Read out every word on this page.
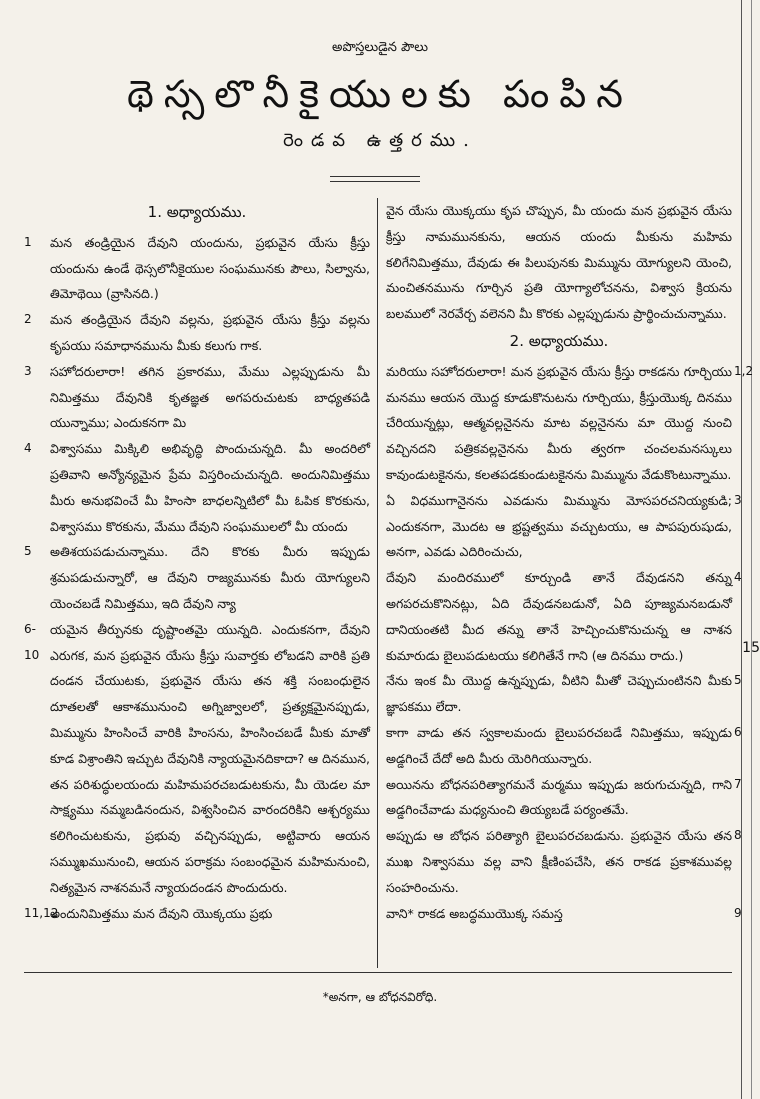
15
అపొస్తలుడైన పౌలు
థెస్సలొనీకైయులకు పంపిన
రెండవ ఉత్తరము.
1. అధ్యాయము.
1	మన తండ్రియైన దేవుని యందును, ప్రభువైన యేసు క్రీస్తు యందును ఉండే థెస్సలొనీకైయుల సంఘమునకు పౌలు, సిల్వాను, తిమోథెయి (వ్రాసినది.)
2	మన తండ్రియైన దేవుని వల్లను, ప్రభువైన యేసు క్రీస్తు వల్లను కృపయు సమాధానమును మీకు కలుగు గాక.
3	సహోదరులారా! తగిన ప్రకారము, మేము ఎల్లప్పుడును మీ నిమిత్తము దేవునికి కృతజ్ఞత అగపరుచుటకు బాధ్యతపడి యున్నాము; ఎందుకనగా మి
4	విశ్వాసము మిక్కిలి అభివృద్ధి పొందుచున్నది. మీ అందరిలో ప్రతివాని అన్యోన్యమైన ప్రేమ విస్తరించుచున్నది. అందునిమిత్తము మీరు అనుభవించే మీ హింసా బాధలన్నిటిలో మీ ఓపిక కొరకును, విశ్వాసము కొరకును, మేము దేవుని సంఘములలో మీ యందు
5	అతిశయపడుచున్నాము. దేని కొరకు మీరు ఇప్పుడు శ్రమపడుచున్నారో, ఆ దేవుని రాజ్యమునకు మీరు యోగ్యులని యెంచబడే నిమిత్తము, ఇది దేవుని న్యా
6-10
యమైన తీర్పునకు దృష్టాంతమై యున్నది. ఎందుకనగా, దేవుని ఎరుగక, మన ప్రభువైన యేసు క్రీస్తు సువార్తకు లోబడని వారికి ప్రతి దండన చేయుటకు, ప్రభువైన యేసు తన శక్తి సంబంధులైన దూతలతో ఆకాశమునుంచి అగ్నిజ్వాలలో, ప్రత్యక్షమైనప్పుడు, మిమ్మును హింసించే వారికి హింసను, హింసించబడే మీకు మాతో కూడ విశ్రాంతిని ఇచ్చుట దేవునికి న్యాయమైనదికాదా? ఆ దినమున, తన పరిశుద్ధులయందు మహిమపరచబడుటకును, మీ యెడల మా సాక్ష్యము నమ్మబడినందున, విశ్వసించిన వారందరికిని ఆశ్చర్యము కలిగించుటకును, ప్రభువు వచ్చినప్పుడు, అట్టివారు ఆయన సమ్ముఖమునుంచి, ఆయన పరాక్రమ సంబంధమైన మహిమనుంచి, నిత్యమైన నాశనమనే న్యాయదండన పొందుదురు.
11,12
అందునిమిత్తము మన దేవుని యొక్కయు ప్రభు
వైన యేసు యొక్కయు కృప చొప్పున, మీ యందు మన ప్రభువైన యేసు క్రీస్తు నామమునకును, ఆయన యందు మీకును మహిమ కలిగేనిమిత్తము, దేవుడు ఈ పిలుపునకు మిమ్మును యోగ్యులని యెంచి, మంచితనమును గూర్చిన ప్రతి యోగ్యాలోచనను, విశ్వాస క్రియను బలములో నెరవేర్చ వలెనని మీ కొరకు ఎల్లప్పుడును ప్రార్థించుచున్నాము.
2. అధ్యాయము.
మరియు సహోదరులారా! మన ప్రభువైన యేసు క్రీస్తు రాకడను గూర్చియు మనము ఆయన యొద్ద కూడుకొనుటను గూర్చియు, క్రీస్తుయొక్క దినము చేరియున్నట్లు, ఆత్మవల్లనైనను మాట వల్లనైనను మా యొద్ద నుంచి వచ్చినదని పత్రికవల్లనైనను మీరు త్వరగా చంచలమనస్కులు కావుండుటకైనను, కలతపడకుండుటకైనను మిమ్మును వేడుకొంటున్నాము.
1,2
ఏ విధముగానైనను ఎవడును మిమ్మును మోసపరచనియ్యకుడి; ఎందుకనగా, మొదట ఆ భ్రష్టత్వము వచ్చుటయు, ఆ పాపపురుషుడు, అనగా, ఎవడు ఎదిరించుచు,
3
దేవుని మందిరములో కూర్చుండి తానే దేవుడనని తన్ను అగపరచుకొనినట్లు, ఏది దేవుడనబడునో, ఏది పూజ్యమనబడునో దానియంతటి మీద తన్ను తానే హెచ్చించుకొనుచున్న ఆ నాశన కుమారుడు బైలుపడుటయు కలిగితేనే గాని (ఆ దినము రాదు.)
4
నేను ఇంక మీ యొద్ద ఉన్నప్పుడు, వీటిని మీతో చెప్పుచుంటినని మీకు జ్ఞాపకము లేదా.
5
కాగా వాడు తన స్వకాలమందు బైలుపరచబడే నిమిత్తము, ఇప్పుడు అడ్డగించే దేదో అది మీరు యెరిగియున్నారు.
6
అయినను బోధనపరిత్యాగమనే మర్మము ఇప్పుడు జరుగుచున్నది, గాని అడ్డగించేవాడు మధ్యనుంచి తియ్యబడే పర్యంతమే.
7
అప్పుడు ఆ బోధన పరిత్యాగి బైలుపరచబడును. ప్రభువైన యేసు తన ముఖ నిశ్వాసము వల్ల వాని క్షీణింపచేసి, తన రాకడ ప్రకాశమువల్ల సంహరించును.
8
వాని* రాకడ అబద్ధముయొక్క సమస్త	9
*అనగా, ఆ బోధనవిరోధి.
